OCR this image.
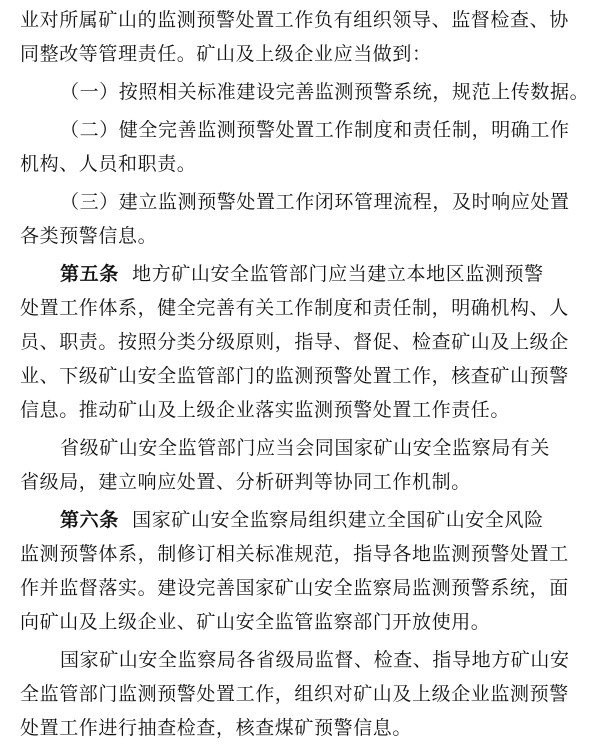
业对所属矿山的监测预警处置工作负有组织领导、监督检查、协
同整改等管理责任。矿山及上级企业应当做到：
（一）按照相关标准建设完善监测预警系统，规范上传数据。
（二）健全完善监测预警处置工作制度和责任制，明确工作
机构、人员和职责。
（三）建立监测预警处置工作闭环管理流程，及时响应处置
各类预警信息。
第五条 地方矿山安全监管部门应当建立本地区监测预警
处置工作体系，健全完善有关工作制度和责任制，明确机构、人
员、职责。按照分类分级原则，指导、督促、检查矿山及上级企
业、下级矿山安全监管部门的监测预警处置工作，核查矿山预警
信息。推动矿山及上级企业落实监测预警处置工作责任。
省级矿山安全监管部门应当会同国家矿山安全监察局有关
省级局，建立响应处置、分析研判等协同工作机制。
第六条 国家矿山安全监察局组织建立全国矿山安全风险
监测预警体系，制修订相关标准规范，指导各地监测预警处置工
作并监督落实。建设完善国家矿山安全监察局监测预警系统，面
向矿山及上级企业、矿山安全监管监察部门开放使用。
国家矿山安全监察局各省级局监督、检查、指导地方矿山安
全监管部门监测预警处置工作，组织对矿山及上级企业监测预警
处置工作进行抽查检查，核查煤矿预警信息。
